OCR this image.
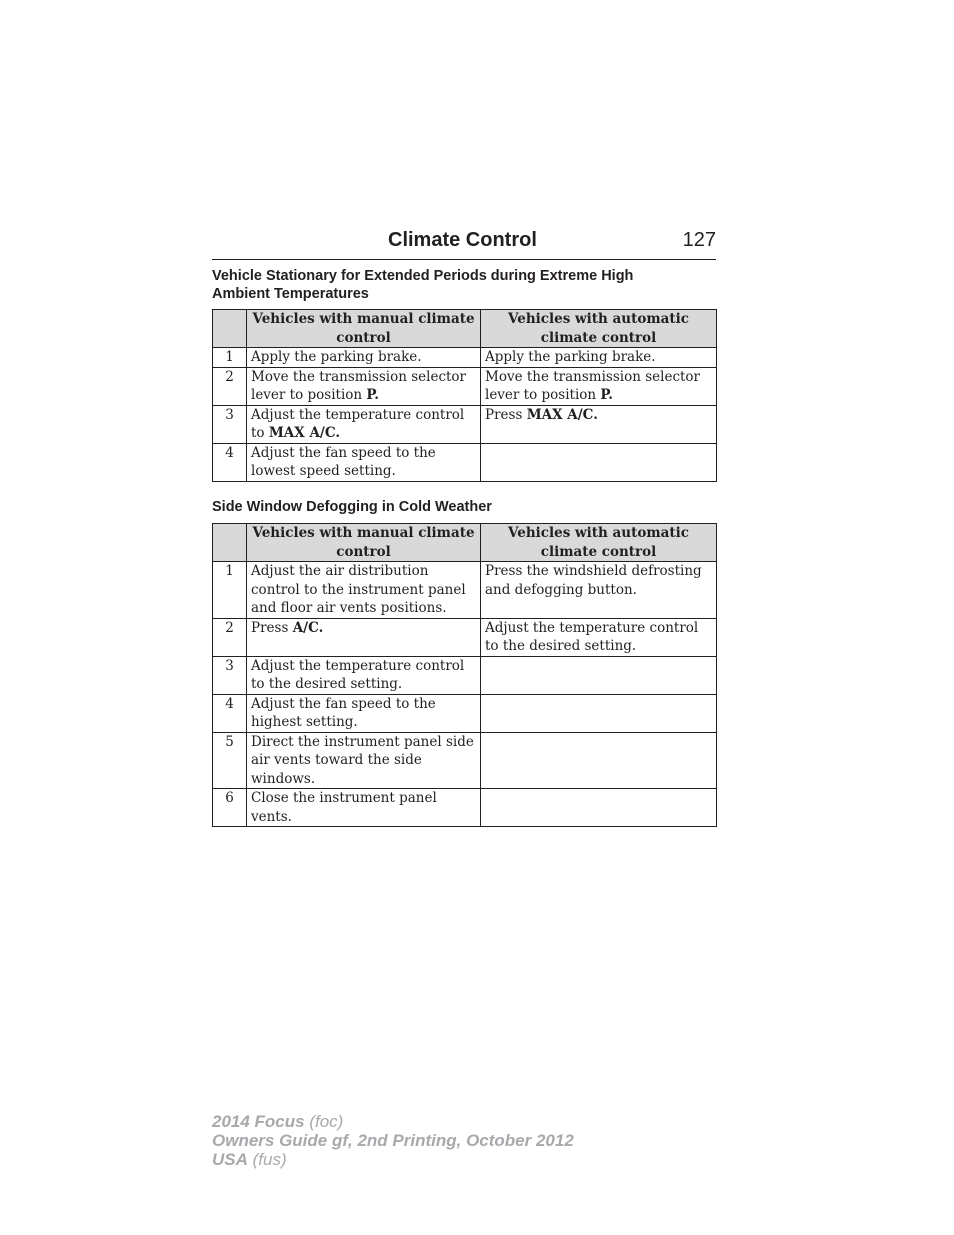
Climate Control	127
Vehicle Stationary for Extended Periods during Extreme High
Ambient Temperatures
	Vehicles with manual climate control	Vehicles with automatic climate control
1	Apply the parking brake.	Apply the parking brake.
2	Move the transmission selector lever to position P.	Move the transmission selector lever to position P.
3	Adjust the temperature control to MAX A/C.	Press MAX A/C.
4	Adjust the fan speed to the lowest speed setting.	
Side Window Defogging in Cold Weather
	Vehicles with manual climate control	Vehicles with automatic climate control
1	Adjust the air distribution control to the instrument panel and floor air vents positions.	Press the windshield defrosting and defogging button.
2	Press A/C.	Adjust the temperature control to the desired setting.
3	Adjust the temperature control to the desired setting.	
4	Adjust the fan speed to the highest setting.	
5	Direct the instrument panel side air vents toward the side windows.	
6	Close the instrument panel vents.	
2014 Focus (foc)
Owners Guide gf, 2nd Printing, October 2012
USA (fus)
